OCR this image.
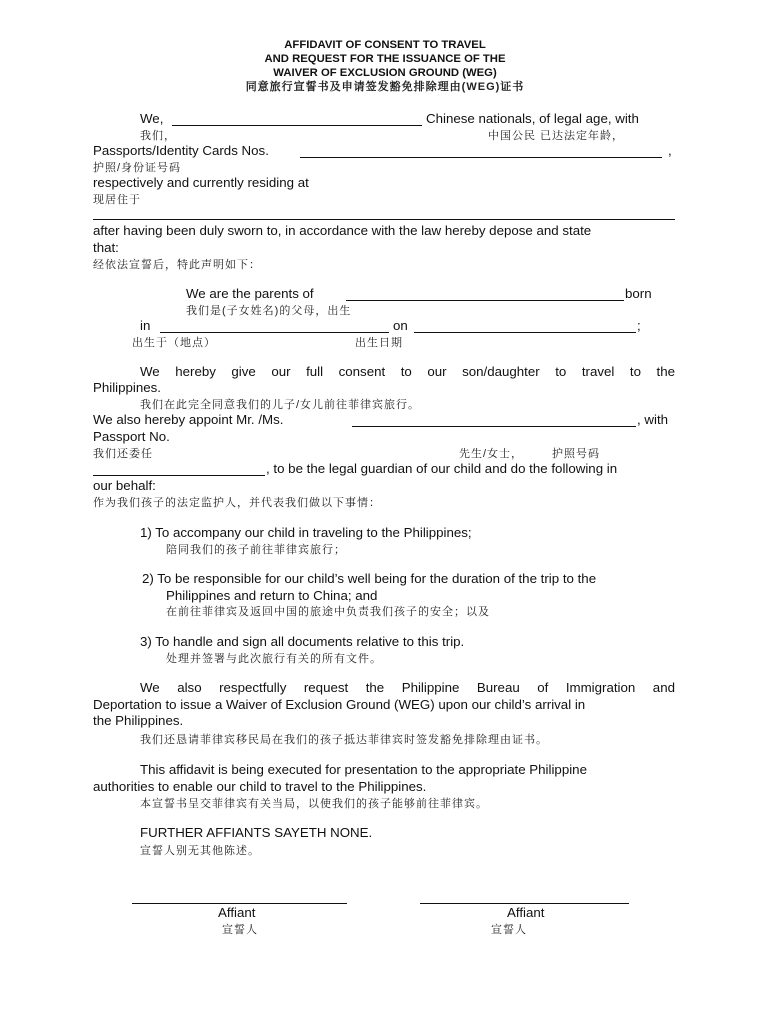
AFFIDAVIT OF CONSENT TO TRAVEL
AND REQUEST FOR THE ISSUANCE OF THE
WAIVER OF EXCLUSION GROUND (WEG)
同意旅行宣誓书及申请签发豁免排除理由(WEG)证书
We,	Chinese nationals, of legal age, with
我们，	中国公民 已达法定年龄，
Passports/Identity Cards Nos.	,
护照/身份证号码
respectively and currently residing at
现居住于
after having been duly sworn to, in accordance with the law hereby depose and state
that:
经依法宣誓后，特此声明如下：
We are the parents of	born
我们是(子女姓名)的父母，出生
in	on	;
出生于（地点）	出生日期
We hereby give our full consent to our son/daughter to travel to the
Philippines.
我们在此完全同意我们的儿子/女儿前往菲律宾旅行。
We also hereby appoint Mr. /Ms.	, with
Passport No.
我们还委任	先生/女士，	护照号码
, to be the legal guardian of our child and do the following in
our behalf:
作为我们孩子的法定监护人，并代表我们做以下事情：
1) To accompany our child in traveling to the Philippines;
陪同我们的孩子前往菲律宾旅行；
2) To be responsible for our child’s well being for the duration of the trip to the
Philippines and return to China; and
在前往菲律宾及返回中国的旅途中负责我们孩子的安全；以及
3) To handle and sign all documents relative to this trip.
处理并签署与此次旅行有关的所有文件。
We also respectfully request the Philippine Bureau of Immigration and
Deportation to issue a Waiver of Exclusion Ground (WEG) upon our child’s arrival in
the Philippines.
我们还恳请菲律宾移民局在我们的孩子抵达菲律宾时签发豁免排除理由证书。
This affidavit is being executed for presentation to the appropriate Philippine
authorities to enable our child to travel to the Philippines.
本宣誓书呈交菲律宾有关当局，以使我们的孩子能够前往菲律宾。
FURTHER AFFIANTS SAYETH NONE.
宣誓人别无其他陈述。
Affiant
宣誓人
Affiant
宣誓人
